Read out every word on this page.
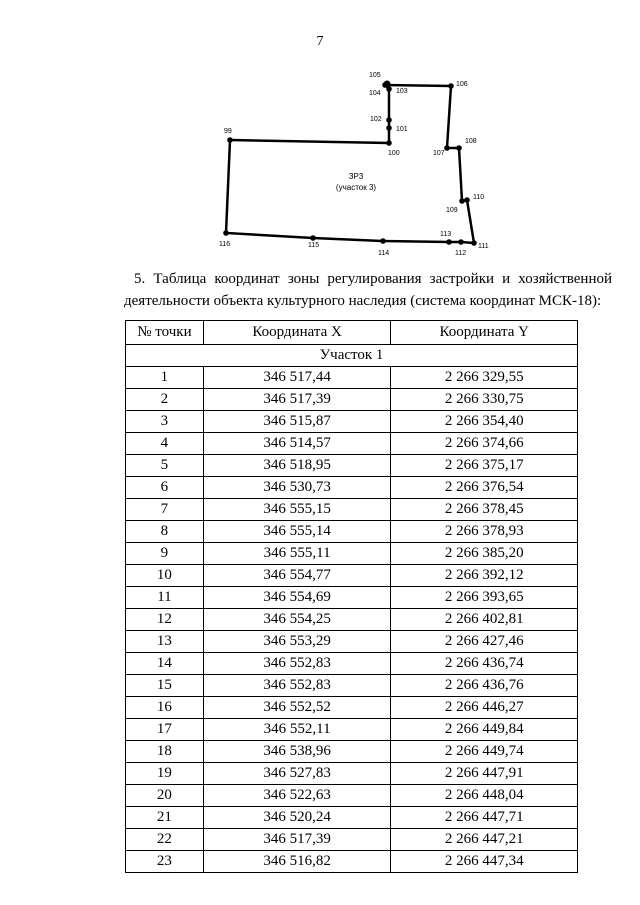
7
99
100
101
102
103
104
105
106
107
108
109
110
111
112
113
114
115
116
ЗР3
(участок 3)
5. Таблица координат зоны регулирования застройки и хозяйственной деятельности объекта культурного наследия (система координат МСК-18):
№ точки	Координата X	Координата Y
Участок 1		
1	346 517,44	2 266 329,55
2	346 517,39	2 266 330,75
3	346 515,87	2 266 354,40
4	346 514,57	2 266 374,66
5	346 518,95	2 266 375,17
6	346 530,73	2 266 376,54
7	346 555,15	2 266 378,45
8	346 555,14	2 266 378,93
9	346 555,11	2 266 385,20
10	346 554,77	2 266 392,12
11	346 554,69	2 266 393,65
12	346 554,25	2 266 402,81
13	346 553,29	2 266 427,46
14	346 552,83	2 266 436,74
15	346 552,83	2 266 436,76
16	346 552,52	2 266 446,27
17	346 552,11	2 266 449,84
18	346 538,96	2 266 449,74
19	346 527,83	2 266 447,91
20	346 522,63	2 266 448,04
21	346 520,24	2 266 447,71
22	346 517,39	2 266 447,21
23	346 516,82	2 266 447,34
